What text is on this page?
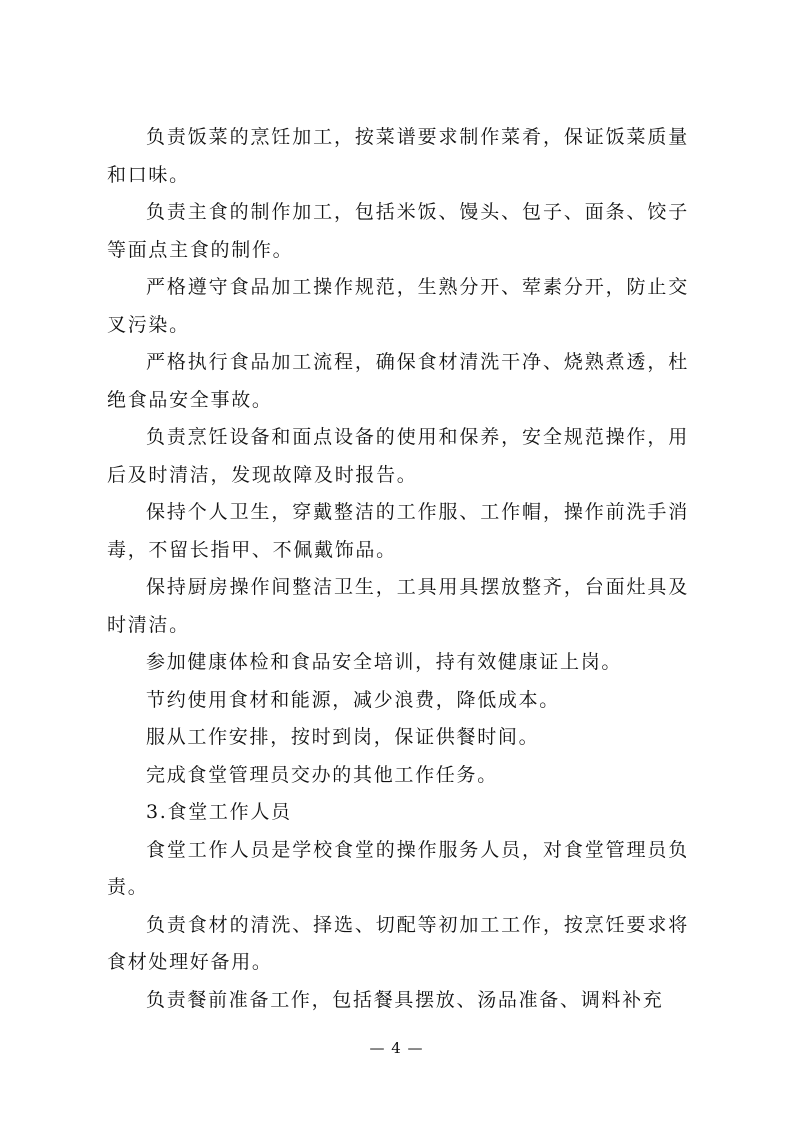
负责饭菜的烹饪加工，按菜谱要求制作菜肴，保证饭菜质量和口味。

负责主食的制作加工，包括米饭、馒头、包子、面条、饺子等面点主食的制作。

严格遵守食品加工操作规范，生熟分开、荤素分开，防止交叉污染。

严格执行食品加工流程，确保食材清洗干净、烧熟煮透，杜绝食品安全事故。

负责烹饪设备和面点设备的使用和保养，安全规范操作，用后及时清洁，发现故障及时报告。

保持个人卫生，穿戴整洁的工作服、工作帽，操作前洗手消毒，不留长指甲、不佩戴饰品。

保持厨房操作间整洁卫生，工具用具摆放整齐，台面灶具及时清洁。

参加健康体检和食品安全培训，持有效健康证上岗。

节约使用食材和能源，减少浪费，降低成本。

服从工作安排，按时到岗，保证供餐时间。

完成食堂管理员交办的其他工作任务。

3.食堂工作人员

食堂工作人员是学校食堂的操作服务人员，对食堂管理员负责。

负责食材的清洗、择选、切配等初加工工作，按烹饪要求将食材处理好备用。

负责餐前准备工作，包括餐具摆放、汤品准备、调料补充

— 4 —
